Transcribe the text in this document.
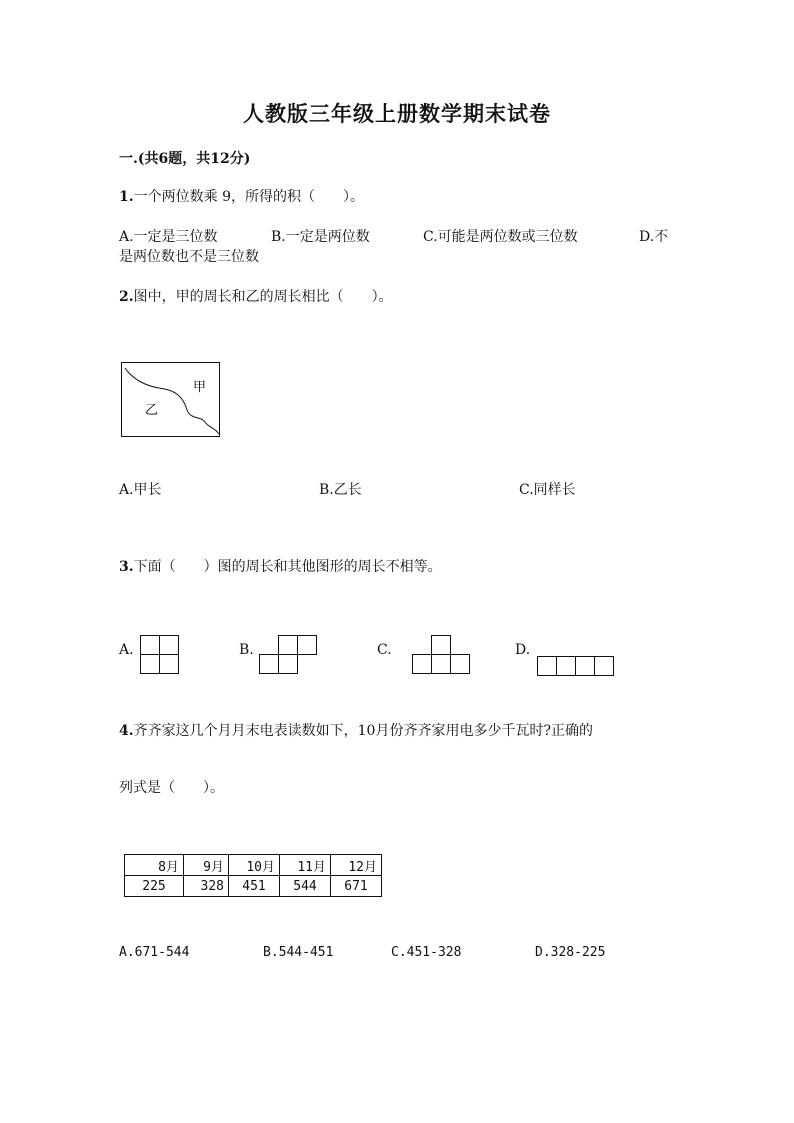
人教版三年级上册数学期末试卷
一.(共6题，共12分)
1.一个两位数乘 9，所得的积（　　）。
A.一定是三位数	B.一定是两位数	C.可能是两位数或三位数	D.不
是两位数也不是三位数
2.图中，甲的周长和乙的周长相比（　　）。
甲
乙
A.甲长	B.乙长	C.同样长
3.下面（　　）图的周长和其他图形的周长不相等。
A.	B.	C.	D.
4.齐齐家这几个月月末电表读数如下，10月份齐齐家用电多少千瓦时?正确的
列式是（　　）。
8月	9月	10月	11月	12月
225	328	451	544	671
A.671-544	B.544-451	C.451-328	D.328-225
